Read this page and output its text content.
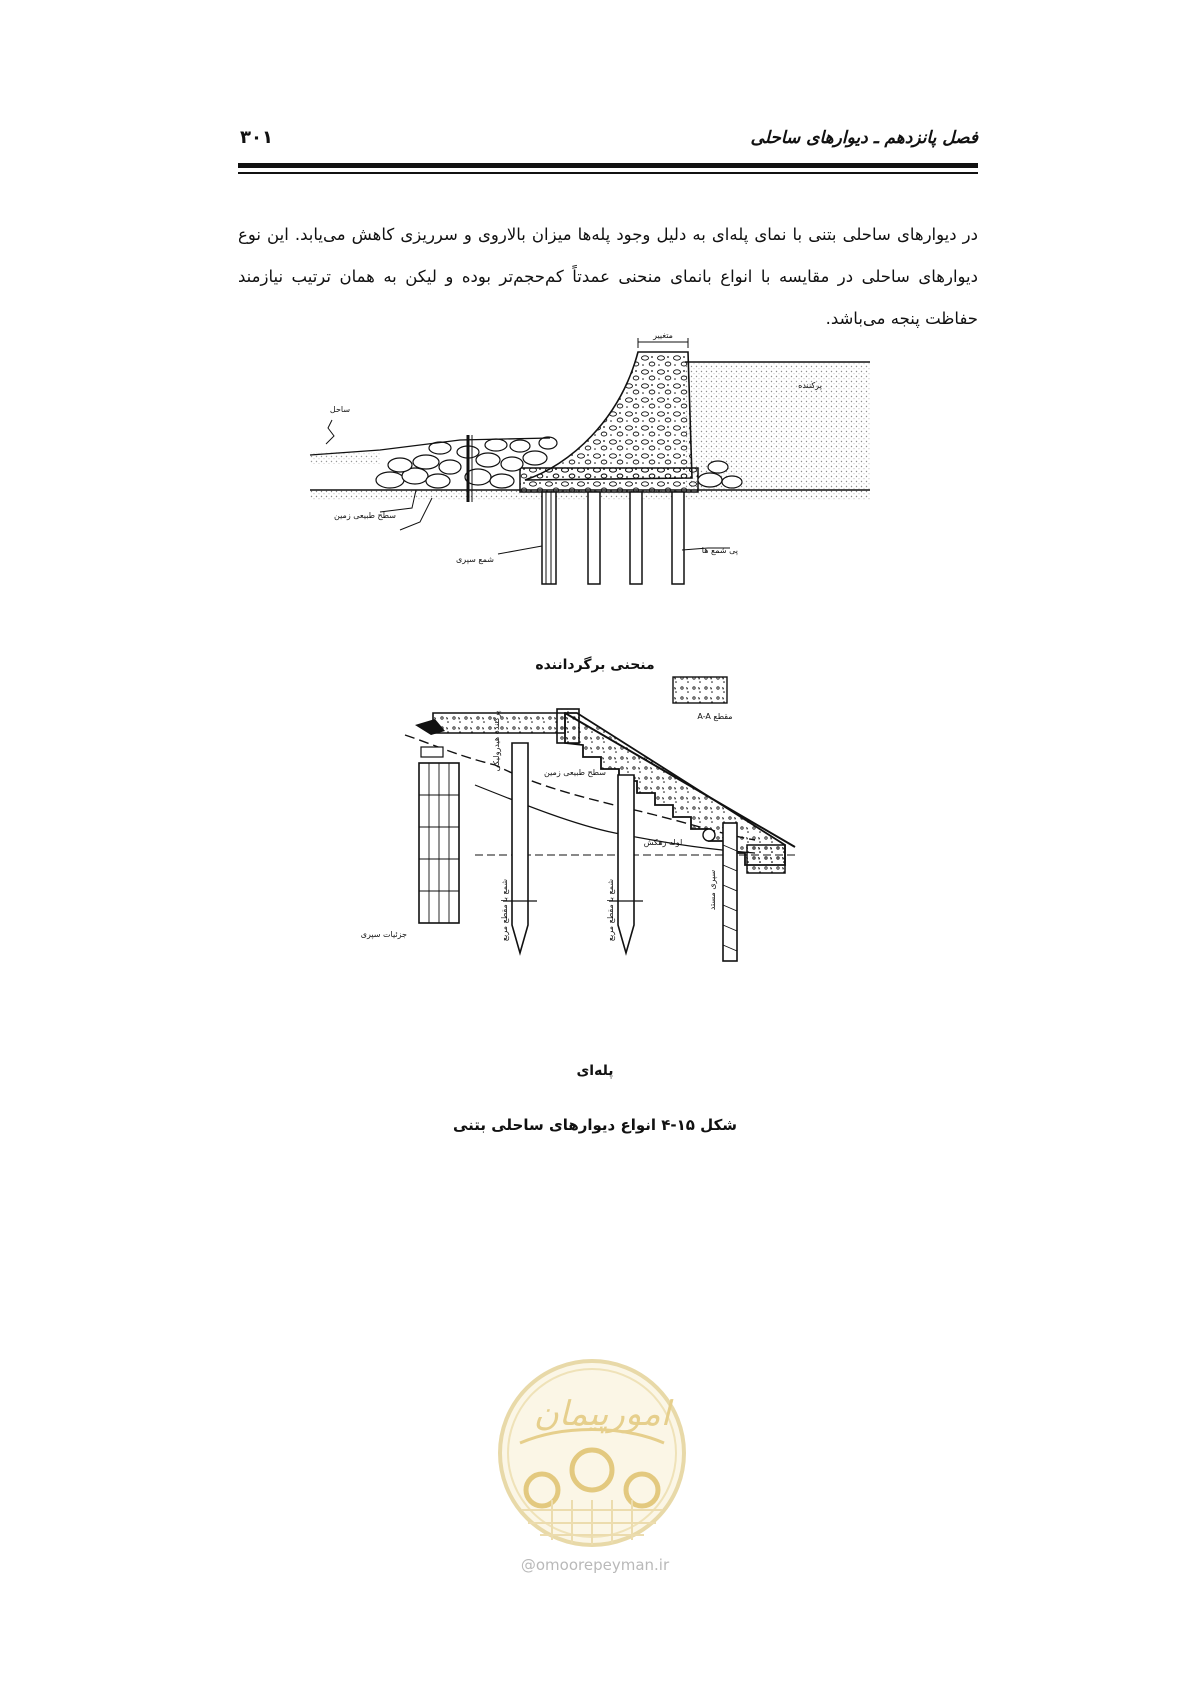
فصل پانزدهم ـ دیوارهای ساحلی
۳۰۱
در دیوارهای ساحلی بتنی با نمای پله‌ای به دلیل وجود پله‌ها میزان بالاروی و سرریزی کاهش می‌یابد. این نوع دیوارهای ساحلی در مقایسه با انواع بانمای منحنی عمدتاً کم‌حجم‌تر بوده و لیکن به همان ترتیب نیازمند حفاظت پنجه می‌باشد.
متغییر
پرکننده
ساحل
سطح طبیعی زمین
شمع سپری
پی شمع ها
منحنی برگرداننده
مقطع A-A
پرکننده هیدرولیکی
سطح طبیعی زمین
لوله زهکش
جزئیات سپری	شمع با مقطع مربع	شمع با مقطع مربع	سپری مستد
پله‌ای
شکل ۱۵-۴ انواع دیوارهای ساحلی بتنی
امورپیمان
@omoorepeyman.ir
